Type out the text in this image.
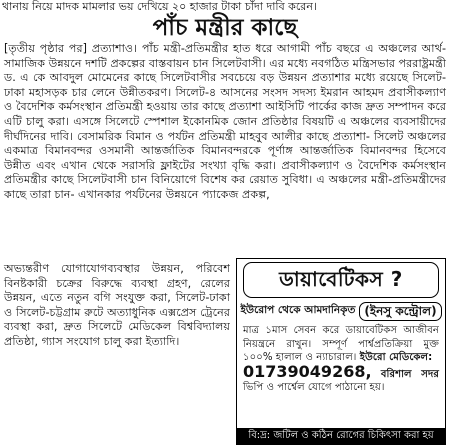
থানায় নিয়ে মাদক মামলার ভয় দেখিয়ে ২০ হাজার টাকা চাঁদা দাবি করেন।
পাঁচ মন্ত্রীর কাছে

[তৃতীয় পৃষ্ঠার পর] প্রত্যাশাও। পাঁচ মন্ত্রী-প্রতিমন্ত্রীর হাত ধরে আগামী পাঁচ বছরে এ অঞ্চলের আর্থ-সামাজিক উন্নয়নে দশটি প্রকল্পের বাস্তবায়ন চান সিলেটবাসী। এর মধ্যে নবগঠিত মন্ত্রিসভার পররাষ্ট্রমন্ত্রী ড. এ কে আবদুল মোমেনের কাছে সিলেটবাসীর সবচেয়ে বড় উন্নয়ন প্রত্যাশার মধ্যে রয়েছে সিলেট-ঢাকা মহাসড়ক চার লেনে উন্নীতকরণ। সিলেট-৪ আসনের সংসদ সদস্য ইমরান আহমদ প্রবাসীকল্যাণ ও বৈদেশিক কর্মসংস্থান প্রতিমন্ত্রী হওয়ায় তার কাছে প্রত্যাশা আইসিটি পার্কের কাজ দ্রুত সম্পাদন করে এটি চালু করা। এসঙ্গে সিলেটে স্পেশাল ইকোনমিক জোন প্রতিষ্ঠার বিষয়টি এ অঞ্চলের ব্যবসায়ীদের দীর্ঘদিনের দাবি। বেসামরিক বিমান ও পর্যটন প্রতিমন্ত্রী মাহবুব আলীর কাছে প্রত্যাশা- সিলেট অঞ্চলের একমাত্র বিমানবন্দর ওসমানী আন্তর্জাতিক বিমানবন্দরকে পূর্ণাঙ্গ আন্তর্জাতিক বিমানবন্দর হিসেবে উন্নীত এবং এখান থেকে সরাসরি ফ্লাইটের সংখ্যা বৃদ্ধি করা। প্রবাসীকল্যাণ ও বৈদেশিক কর্মসংস্থান প্রতিমন্ত্রীর কাছে সিলেটবাসী চান বিনিয়োগে বিশেষ কর রেয়াত সুবিধা। এ অঞ্চলের মন্ত্রী-প্রতিমন্ত্রীদের কাছে তারা চান- এখানকার পর্যটনের উন্নয়নে প্যাকেজ প্রকল্প,

অভ্যন্তরীণ যোগাযোগব্যবস্থার উন্নয়ন, পরিবেশ বিনষ্টকারী চক্রের বিরুদ্ধে ব্যবস্থা গ্রহণ, রেলের উন্নয়ন, এতে নতুন বগি সংযুক্ত করা, সিলেট-ঢাকা ও সিলেট-চট্টগ্রাম রুটে অত্যাধুনিক এক্সপ্রেস ট্রেনের ব্যবস্থা করা, দ্রুত সিলেটে মেডিকেল বিশ্ববিদ্যালয় প্রতিষ্ঠা, গ্যাস সংযোগ চালু করা ইত্যাদি।

ডায়াবেটিকস ?
ইউরোপ থেকে আমদানিকৃত (ইনসু কন্ট্রোল)
মাত্র ১মাস সেবন করে ডায়াবেটিকস আজীবন নিয়ন্ত্রনে রাখুন। সম্পূর্ণ পার্শ্বপ্রতিক্রিয়া মুক্ত ১০০% হালাল ও ন্যাচারাল। ইউরো মেডিকেল:
01739049268, বরিশাল সদর ভিপি ও পার্শ্বেল যোগে পাঠানো হয়।
বি:দ্র: জটিল ও কঠিন রোগের চিকিৎসা করা হয়
